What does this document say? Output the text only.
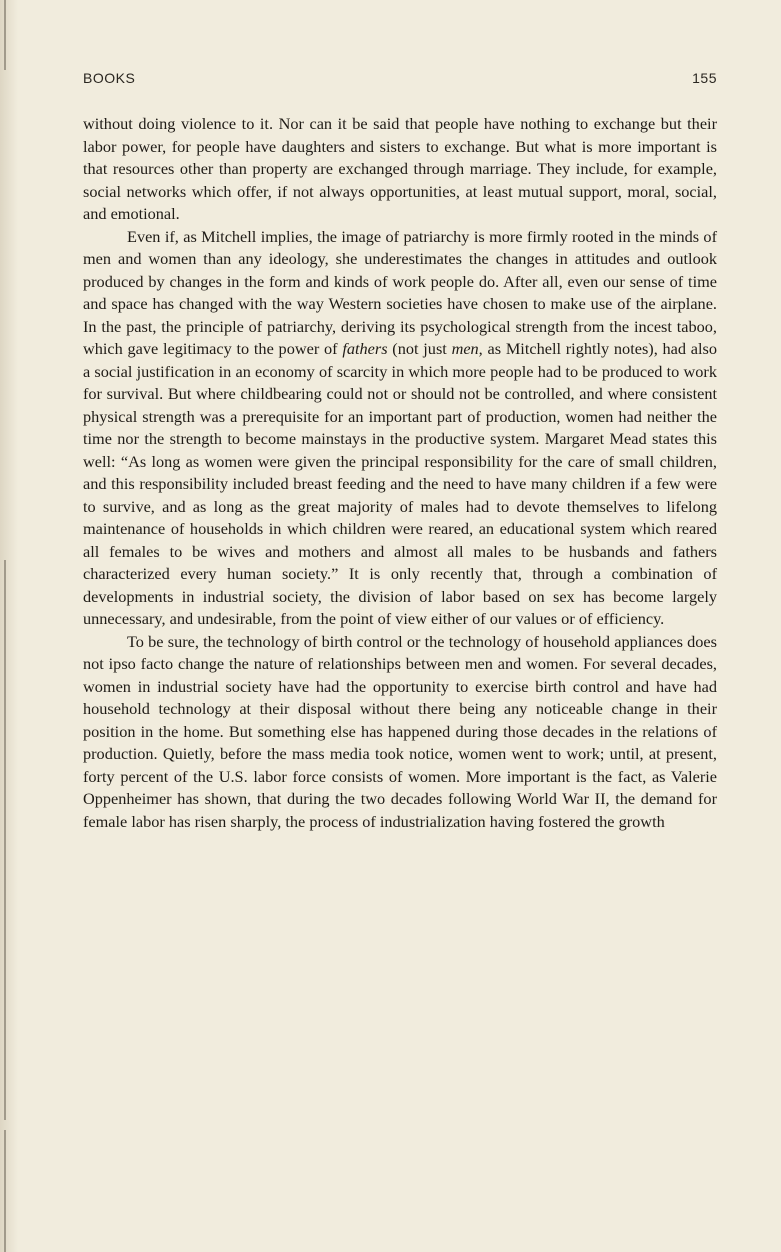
BOOKS	155

without doing violence to it. Nor can it be said that people have nothing to exchange but their labor power, for people have daughters and sisters to exchange. But what is more important is that resources other than property are exchanged through marriage. They include, for example, social networks which offer, if not always opportunities, at least mutual support, moral, social, and emotional.

Even if, as Mitchell implies, the image of patriarchy is more firmly rooted in the minds of men and women than any ideology, she underestimates the changes in attitudes and outlook produced by changes in the form and kinds of work people do. After all, even our sense of time and space has changed with the way Western societies have chosen to make use of the airplane. In the past, the principle of patriarchy, deriving its psychological strength from the incest taboo, which gave legitimacy to the power of fathers (not just men, as Mitchell rightly notes), had also a social justification in an economy of scarcity in which more people had to be produced to work for survival. But where childbearing could not or should not be controlled, and where consistent physical strength was a prerequisite for an important part of production, women had neither the time nor the strength to become mainstays in the productive system. Margaret Mead states this well: “As long as women were given the principal responsibility for the care of small children, and this responsibility included breast feeding and the need to have many children if a few were to survive, and as long as the great majority of males had to devote themselves to lifelong maintenance of households in which children were reared, an educational system which reared all females to be wives and mothers and almost all males to be husbands and fathers characterized every human society.” It is only recently that, through a combination of developments in industrial society, the division of labor based on sex has become largely unnecessary, and undesirable, from the point of view either of our values or of efficiency.

To be sure, the technology of birth control or the technology of household appliances does not ipso facto change the nature of relationships between men and women. For several decades, women in industrial society have had the opportunity to exercise birth control and have had household technology at their disposal without there being any noticeable change in their position in the home. But something else has happened during those decades in the relations of production. Quietly, before the mass media took notice, women went to work; until, at present, forty percent of the U.S. labor force consists of women. More important is the fact, as Valerie Oppenheimer has shown, that during the two decades following World War II, the demand for female labor has risen sharply, the process of industrialization having fostered the growth
